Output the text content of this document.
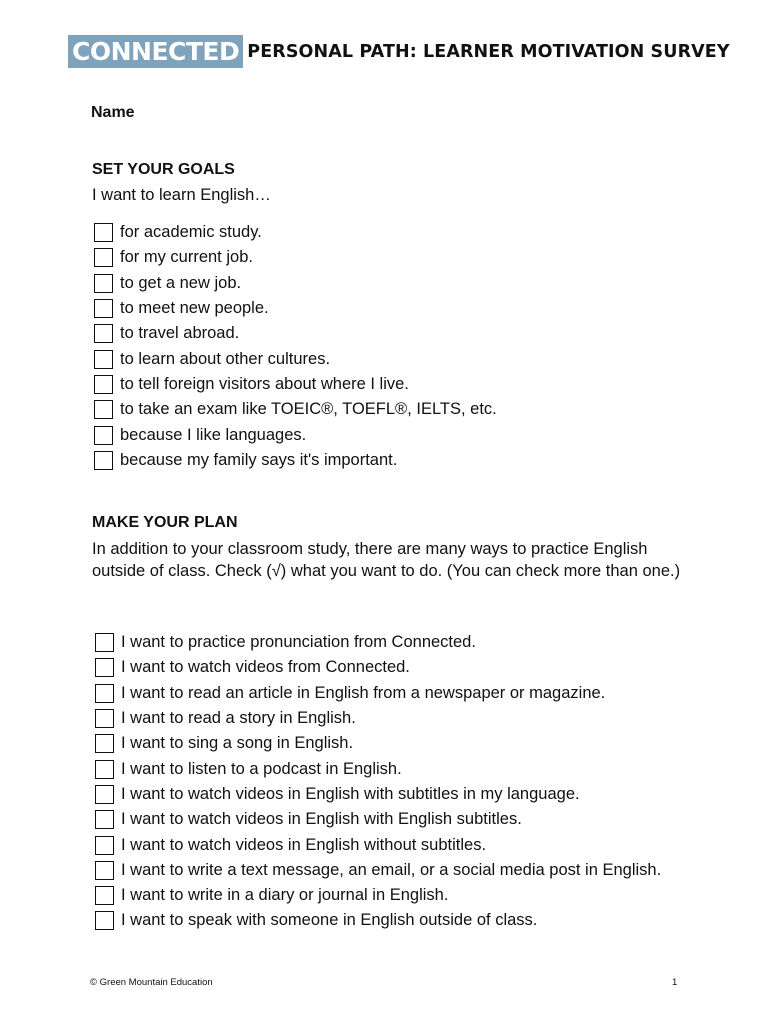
CONNECTED PERSONAL PATH: LEARNER MOTIVATION SURVEY
Name
SET YOUR GOALS
I want to learn English…
for academic study.
for my current job.
to get a new job.
to meet new people.
to travel abroad.
to learn about other cultures.
to tell foreign visitors about where I live.
to take an exam like TOEIC®, TOEFL®, IELTS, etc.
because I like languages.
because my family says it's important.
MAKE YOUR PLAN
In addition to your classroom study, there are many ways to practice English outside of class. Check (√) what you want to do. (You can check more than one.)
I want to practice pronunciation from Connected.
I want to watch videos from Connected.
I want to read an article in English from a newspaper or magazine.
I want to read a story in English.
I want to sing a song in English.
I want to listen to a podcast in English.
I want to watch videos in English with subtitles in my language.
I want to watch videos in English with English subtitles.
I want to watch videos in English without subtitles.
I want to write a text message, an email, or a social media post in English.
I want to write in a diary or journal in English.
I want to speak with someone in English outside of class.
© Green Mountain Education	1
